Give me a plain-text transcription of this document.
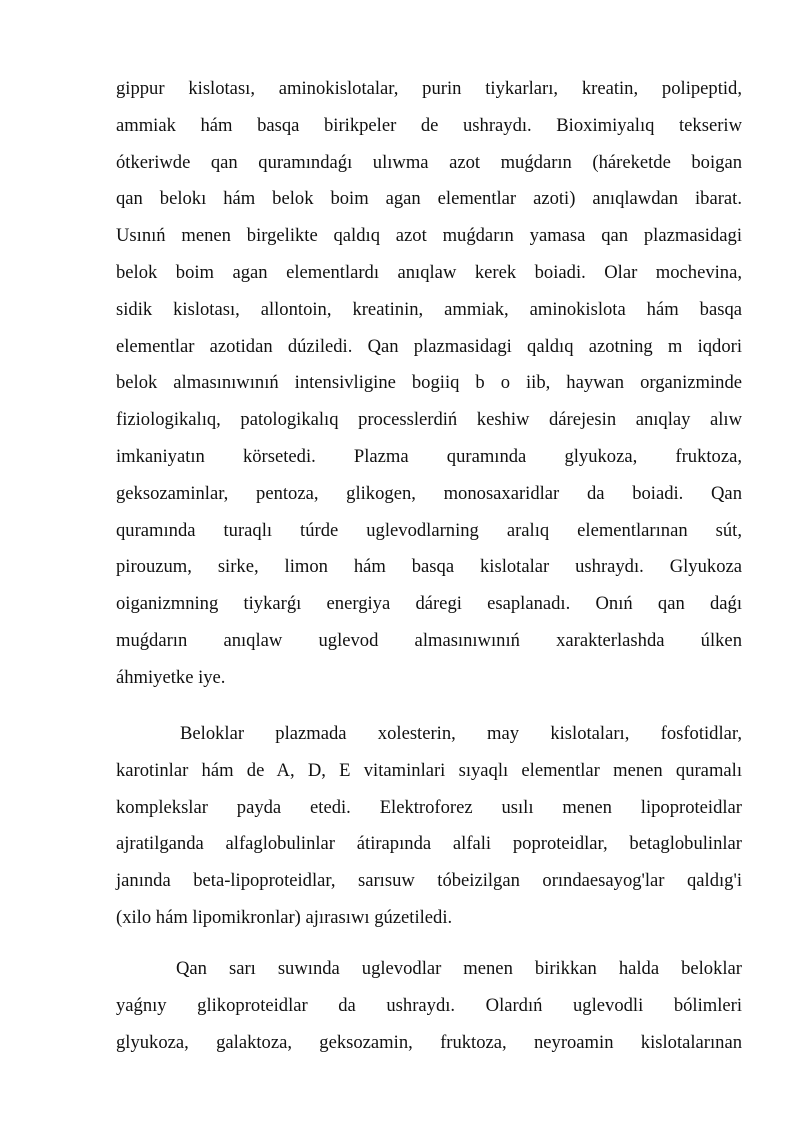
gippur kislotası, aminokislotalar, purin tiykarları, kreatin, polipeptid,
ammiak hám basqa birikpeler de ushraydı. Bioximiyalıq tekseriw
ótkeriwde qan quramındaǵı ulıwma azot muǵdarın (háreketde boigan
qan belokı hám belok boim agan elementlar azoti) anıqlawdan ibarat.
Usınıń menen birgelikte qaldıq azot muǵdarın yamasa qan plazmasidagi
belok boim agan elementlardı anıqlaw kerek boiadi. Olar mochevina,
sidik kislotası, allontoin, kreatinin, ammiak, aminokislota hám basqa
elementlar azotidan dúziledi. Qan plazmasidagi qaldıq azotning m iqdori
belok almasınıwınıń intensivligine bogiiq b o iib, haywan organizminde
fiziologikalıq, patologikalıq processlerdiń keshiw dárejesin anıqlay alıw
imkaniyatın körsetedi. Plazma quramında glyukoza, fruktoza,
geksozaminlar, pentoza, glikogen, monosaxaridlar da boiadi. Qan
quramında turaqlı túrde uglevodlarning aralıq elementlarınan sút,
pirouzum, sirke, limon hám basqa kislotalar ushraydı. Glyukoza
oiganizmning tiykarǵı energiya dáregi esaplanadı. Onıń qan daǵı
muǵdarın anıqlaw uglevod almasınıwınıń xarakterlashda úlken
áhmiyetke iye.
Beloklar plazmada xolesterin, may kislotaları, fosfotidlar,
karotinlar hám de A, D, E vitaminlari sıyaqlı elementlar menen quramalı
komplekslar payda etedi. Elektroforez usılı menen lipoproteidlar
ajratilganda alfaglobulinlar átirapında alfali poproteidlar, betaglobulinlar
janında beta-lipoproteidlar, sarısuw tóbeizilgan orındaesayog'lar qaldıg'i
(xilo hám lipomikronlar) ajırasıwı gúzetiledi.
Qan sarı suwında uglevodlar menen birikkan halda beloklar
yaǵnıy glikoproteidlar da ushraydı. Olardıń uglevodli bólimleri
glyukoza, galaktoza, geksozamin, fruktoza, neyroamin kislotalarınan
